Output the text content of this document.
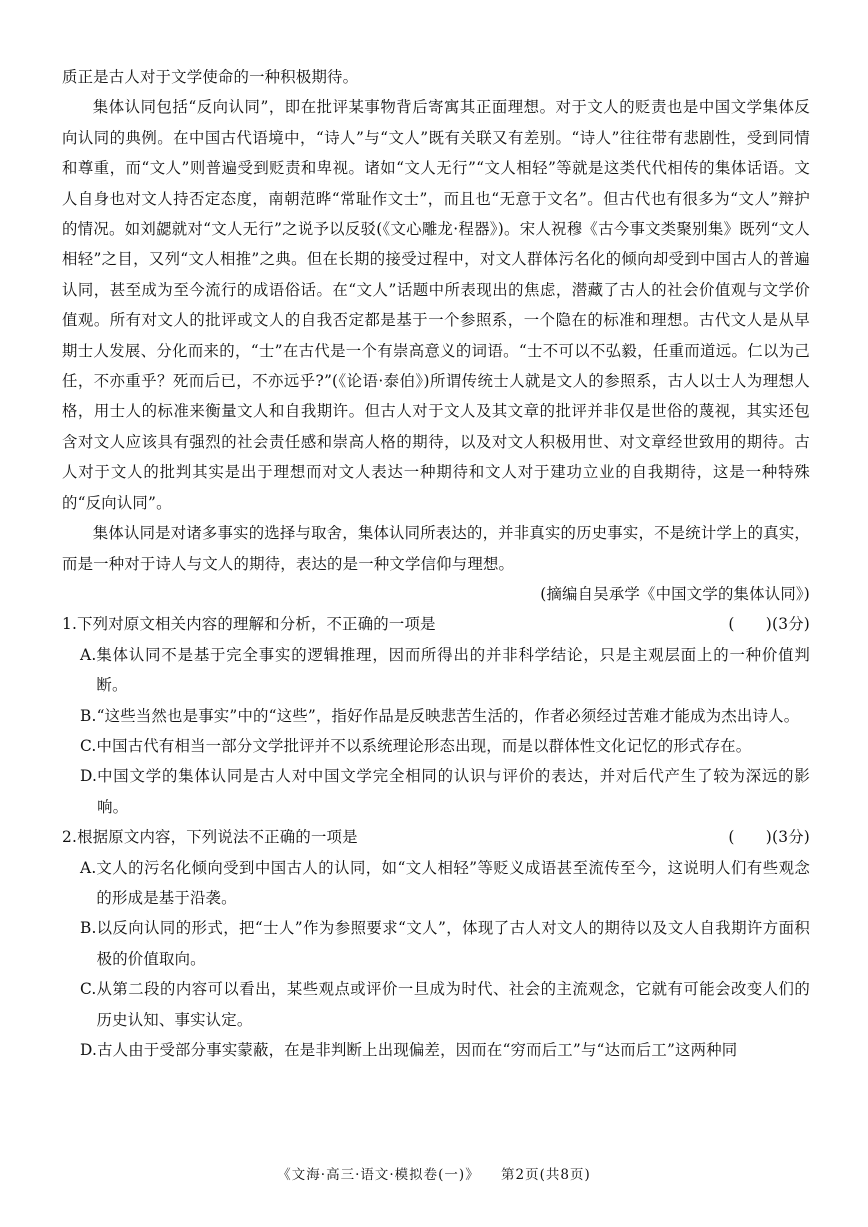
质正是古人对于文学使命的一种积极期待。

集体认同包括“反向认同”，即在批评某事物背后寄寓其正面理想。对于文人的贬责也是中国文学集体反向认同的典例。在中国古代语境中，“诗人”与“文人”既有关联又有差别。“诗人”往往带有悲剧性，受到同情和尊重，而“文人”则普遍受到贬责和卑视。诸如“文人无行”“文人相轻”等就是这类代代相传的集体话语。文人自身也对文人持否定态度，南朝范晔“常耻作文士”，而且也“无意于文名”。但古代也有很多为“文人”辩护的情况。如刘勰就对“文人无行”之说予以反驳(《文心雕龙·程器》)。宋人祝穆《古今事文类聚别集》既列“文人相轻”之目，又列“文人相推”之典。但在长期的接受过程中，对文人群体污名化的倾向却受到中国古人的普遍认同，甚至成为至今流行的成语俗话。在“文人”话题中所表现出的焦虑，潜藏了古人的社会价值观与文学价值观。所有对文人的批评或文人的自我否定都是基于一个参照系，一个隐在的标准和理想。古代文人是从早期士人发展、分化而来的，“士”在古代是一个有崇高意义的词语。“士不可以不弘毅，任重而道远。仁以为己任，不亦重乎？死而后已，不亦远乎?”(《论语·泰伯》)所谓传统士人就是文人的参照系，古人以士人为理想人格，用士人的标准来衡量文人和自我期许。但古人对于文人及其文章的批评并非仅是世俗的蔑视，其实还包含对文人应该具有强烈的社会责任感和崇高人格的期待，以及对文人积极用世、对文章经世致用的期待。古人对于文人的批判其实是出于理想而对文人表达一种期待和文人对于建功立业的自我期待，这是一种特殊的“反向认同”。

集体认同是对诸多事实的选择与取舍，集体认同所表达的，并非真实的历史事实，不是统计学上的真实，而是一种对于诗人与文人的期待，表达的是一种文学信仰与理想。

(摘编自吴承学《中国文学的集体认同》)

1.下列对原文相关内容的理解和分析，不正确的一项是	(　　)(3分)
A. 集体认同不是基于完全事实的逻辑推理，因而所得出的并非科学结论，只是主观层面上的一种价值判断。
B. “这些当然也是事实”中的“这些”，指好作品是反映悲苦生活的，作者必须经过苦难才能成为杰出诗人。
C. 中国古代有相当一部分文学批评并不以系统理论形态出现，而是以群体性文化记忆的形式存在。
D. 中国文学的集体认同是古人对中国文学完全相同的认识与评价的表达，并对后代产生了较为深远的影响。
2.根据原文内容，下列说法不正确的一项是	(　　)(3分)
A. 文人的污名化倾向受到中国古人的认同，如“文人相轻”等贬义成语甚至流传至今，这说明人们有些观念的形成是基于沿袭。
B. 以反向认同的形式，把“士人”作为参照要求“文人”，体现了古人对文人的期待以及文人自我期许方面积极的价值取向。
C. 从第二段的内容可以看出，某些观点或评价一旦成为时代、社会的主流观念，它就有可能会改变人们的历史认知、事实认定。
D. 古人由于受部分事实蒙蔽，在是非判断上出现偏差，因而在“穷而后工”与“达而后工”这两种同
《文海·高三·语文·模拟卷(一)》 第2页(共8页)
